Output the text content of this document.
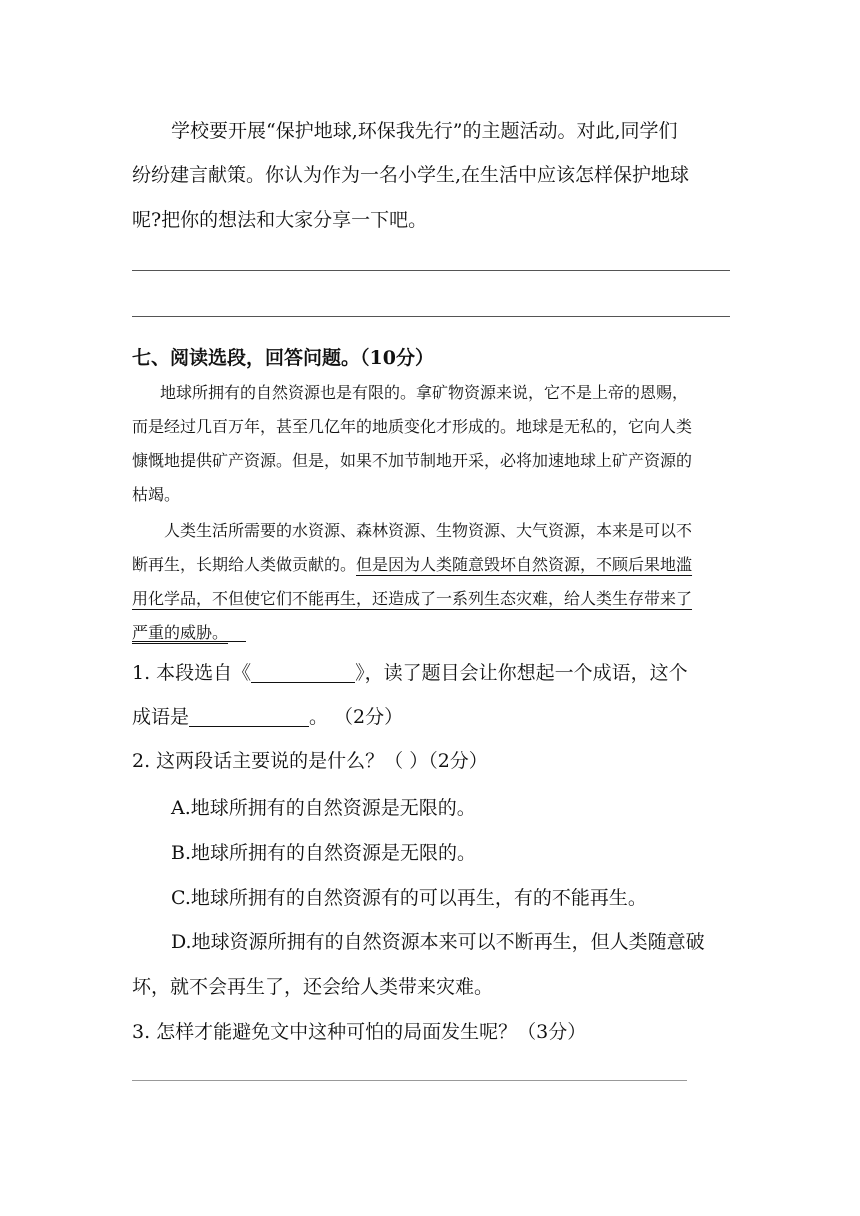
学校要开展“保护地球,环保我先行”的主题活动。对此,同学们
纷纷建言献策。你认为作为一名小学生,在生活中应该怎样保护地球
呢?把你的想法和大家分享一下吧。
七、阅读选段，回答问题。（10分）
地球所拥有的自然资源也是有限的。拿矿物资源来说，它不是上帝的恩赐，
而是经过几百万年，甚至几亿年的地质变化才形成的。地球是无私的，它向人类
慷慨地提供矿产资源。但是，如果不加节制地开采，必将加速地球上矿产资源的
枯竭。
人类生活所需要的水资源、森林资源、生物资源、大气资源，本来是可以不
断再生，长期给人类做贡献的。但是因为人类随意毁坏自然资源，不顾后果地滥
用化学品，不但使它们不能再生，还造成了一系列生态灾难，给人类生存带来了
严重的威胁。
1. 本段选自《	》，读了题目会让你想起一个成语，这个
成语是	。 （2分）
2. 这两段话主要说的是什么？（ ）（2分）
A.地球所拥有的自然资源是无限的。
B.地球所拥有的自然资源是无限的。
C.地球所拥有的自然资源有的可以再生，有的不能再生。
D.地球资源所拥有的自然资源本来可以不断再生，但人类随意破
坏，就不会再生了，还会给人类带来灾难。
3. 怎样才能避免文中这种可怕的局面发生呢？（3分）
